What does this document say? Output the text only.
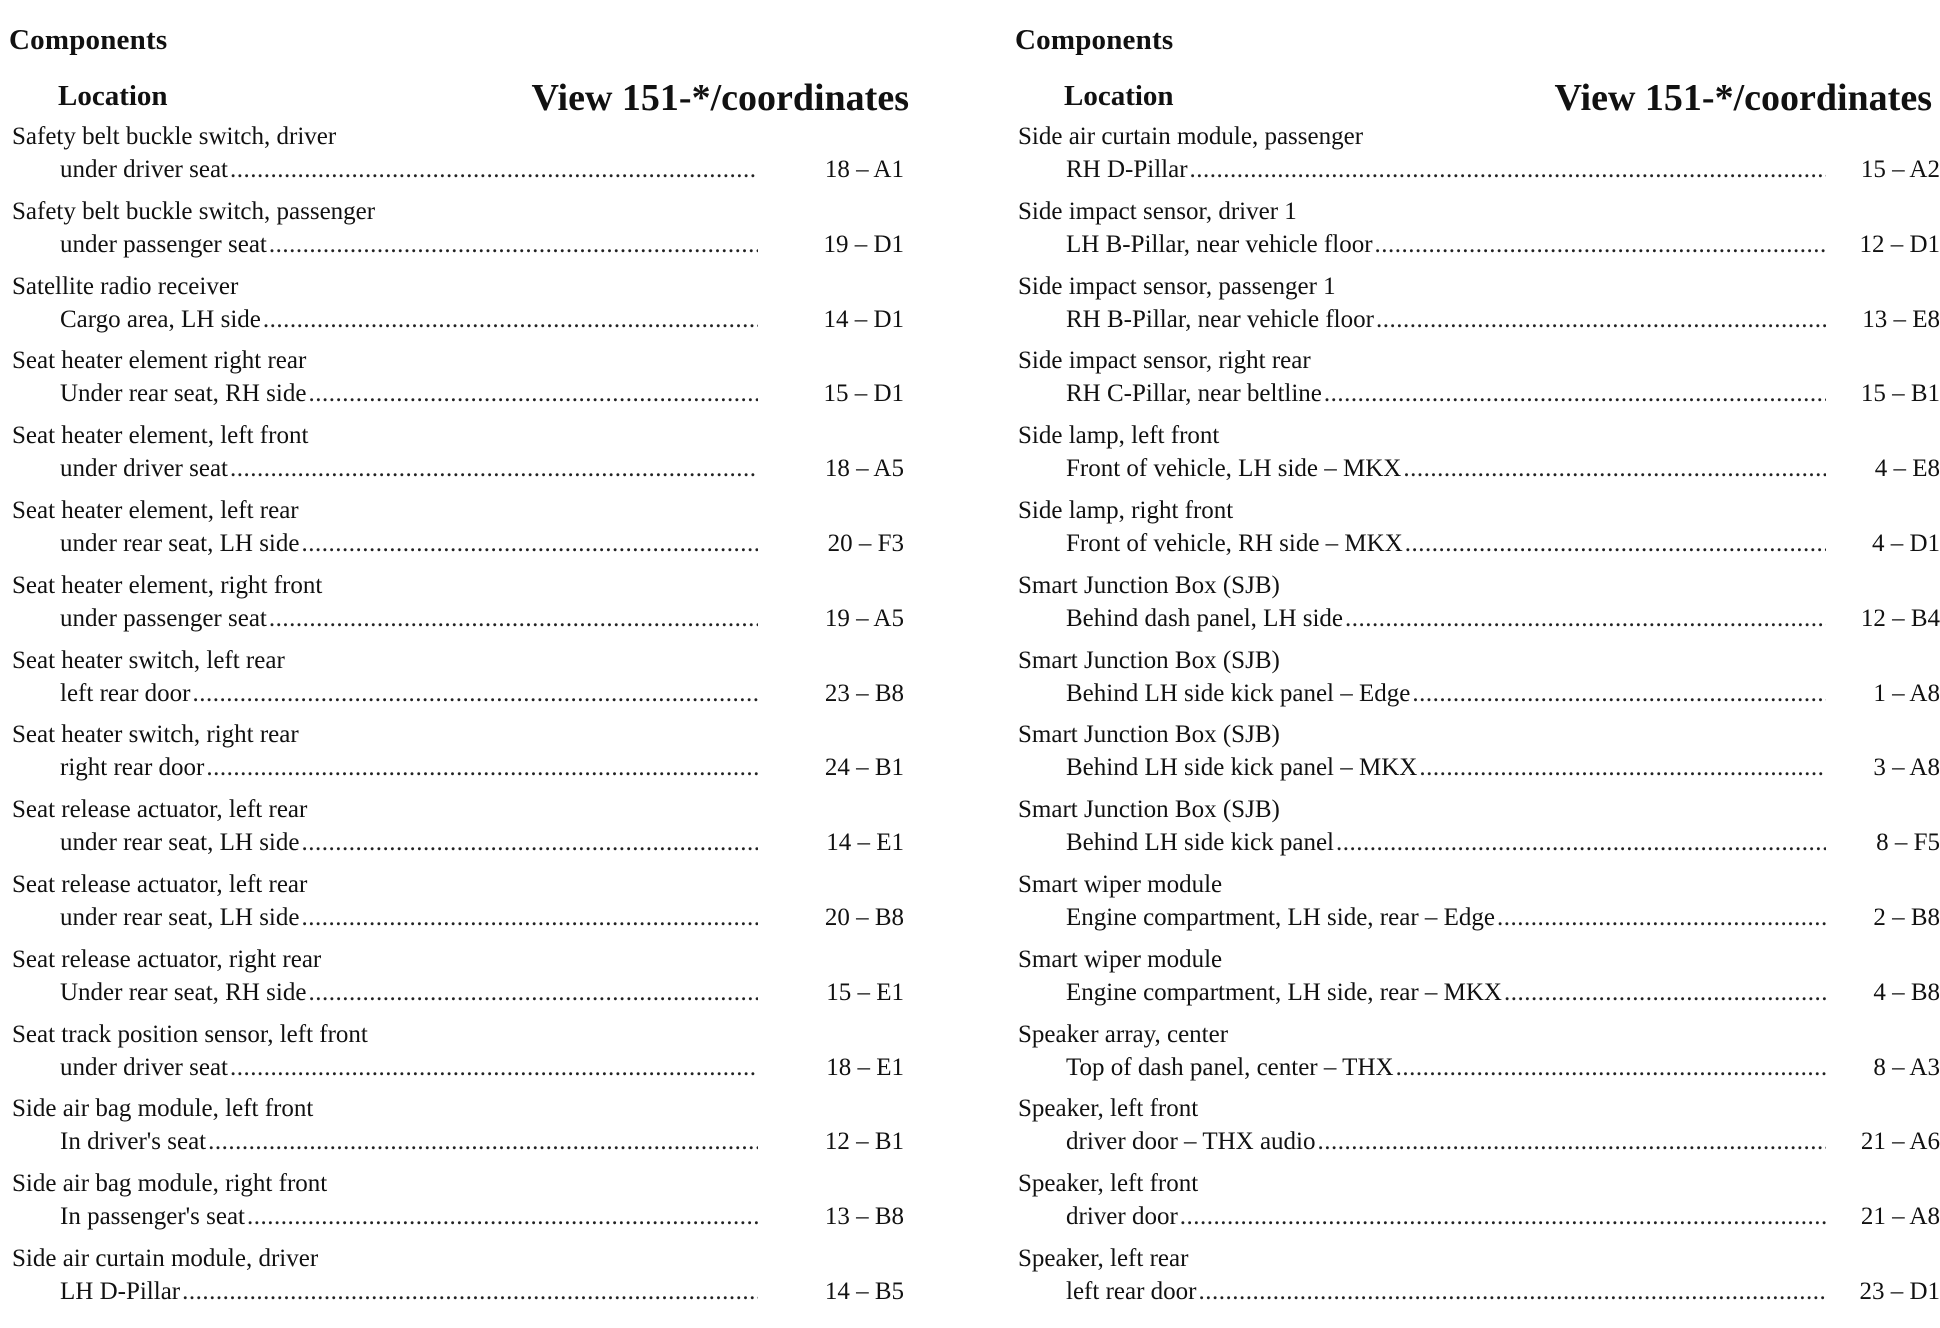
Components
Location	View 151-*/coordinates
Safety belt buckle switch, driver
under driver seat .....	18 – A1
Safety belt buckle switch, passenger
under passenger seat .....	19 – D1
Satellite radio receiver
Cargo area, LH side .....	14 – D1
Seat heater element right rear
Under rear seat, RH side .....	15 – D1
Seat heater element, left front
under driver seat .....	18 – A5
Seat heater element, left rear
under rear seat, LH side .....	20 – F3
Seat heater element, right front
under passenger seat .....	19 – A5
Seat heater switch, left rear
left rear door .....	23 – B8
Seat heater switch, right rear
right rear door .....	24 – B1
Seat release actuator, left rear
under rear seat, LH side .....	14 – E1
Seat release actuator, left rear
under rear seat, LH side .....	20 – B8
Seat release actuator, right rear
Under rear seat, RH side .....	15 – E1
Seat track position sensor, left front
under driver seat .....	18 – E1
Side air bag module, left front
In driver's seat .....	12 – B1
Side air bag module, right front
In passenger's seat .....	13 – B8
Side air curtain module, driver
LH D-Pillar .....	14 – B5
Components
Location	View 151-*/coordinates
Side air curtain module, passenger
RH D-Pillar .....	15 – A2
Side impact sensor, driver 1
LH B-Pillar, near vehicle floor .....	12 – D1
Side impact sensor, passenger 1
RH B-Pillar, near vehicle floor .....	13 – E8
Side impact sensor, right rear
RH C-Pillar, near beltline .....	15 – B1
Side lamp, left front
Front of vehicle, LH side – MKX .....	4 – E8
Side lamp, right front
Front of vehicle, RH side – MKX .....	4 – D1
Smart Junction Box (SJB)
Behind dash panel, LH side .....	12 – B4
Smart Junction Box (SJB)
Behind LH side kick panel – Edge .....	1 – A8
Smart Junction Box (SJB)
Behind LH side kick panel – MKX .....	3 – A8
Smart Junction Box (SJB)
Behind LH side kick panel .....	8 – F5
Smart wiper module
Engine compartment, LH side, rear – Edge .....	2 – B8
Smart wiper module
Engine compartment, LH side, rear – MKX .....	4 – B8
Speaker array, center
Top of dash panel, center – THX .....	8 – A3
Speaker, left front
driver door – THX audio .....	21 – A6
Speaker, left front
driver door .....	21 – A8
Speaker, left rear
left rear door .....	23 – D1
